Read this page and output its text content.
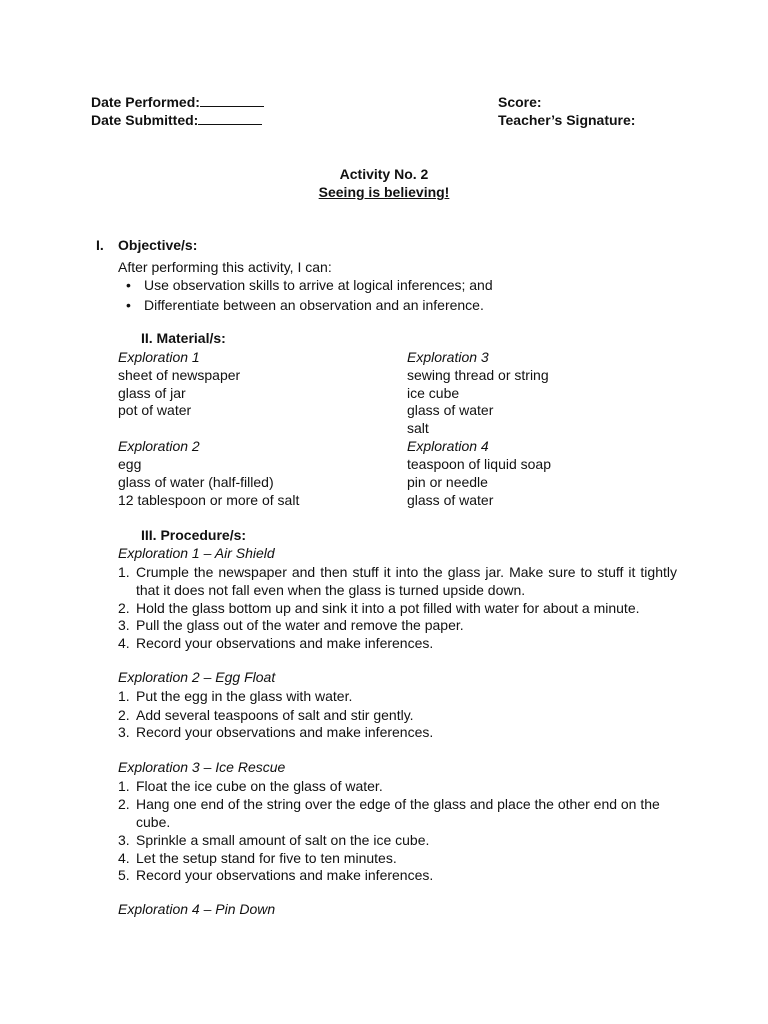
Date Performed:
Date Submitted:
Score:
Teacher’s Signature:
Activity No. 2
Seeing is believing!
I. Objective/s:
After performing this activity, I can:
• Use observation skills to arrive at logical inferences; and
• Differentiate between an observation and an inference.
II. Material/s:
Exploration 1
sheet of newspaper
glass of jar
pot of water
Exploration 2
egg
glass of water (half-filled)
12 tablespoon or more of salt
Exploration 3
sewing thread or string
ice cube
glass of water
salt
Exploration 4
teaspoon of liquid soap
pin or needle
glass of water
III. Procedure/s:
Exploration 1 – Air Shield
1. Crumple the newspaper and then stuff it into the glass jar. Make sure to stuff it tightly that it does not fall even when the glass is turned upside down.
2. Hold the glass bottom up and sink it into a pot filled with water for about a minute.
3. Pull the glass out of the water and remove the paper.
4. Record your observations and make inferences.
Exploration 2 – Egg Float
1. Put the egg in the glass with water.
2. Add several teaspoons of salt and stir gently.
3. Record your observations and make inferences.
Exploration 3 – Ice Rescue
1. Float the ice cube on the glass of water.
2. Hang one end of the string over the edge of the glass and place the other end on the cube.
3. Sprinkle a small amount of salt on the ice cube.
4. Let the setup stand for five to ten minutes.
5. Record your observations and make inferences.
Exploration 4 – Pin Down
